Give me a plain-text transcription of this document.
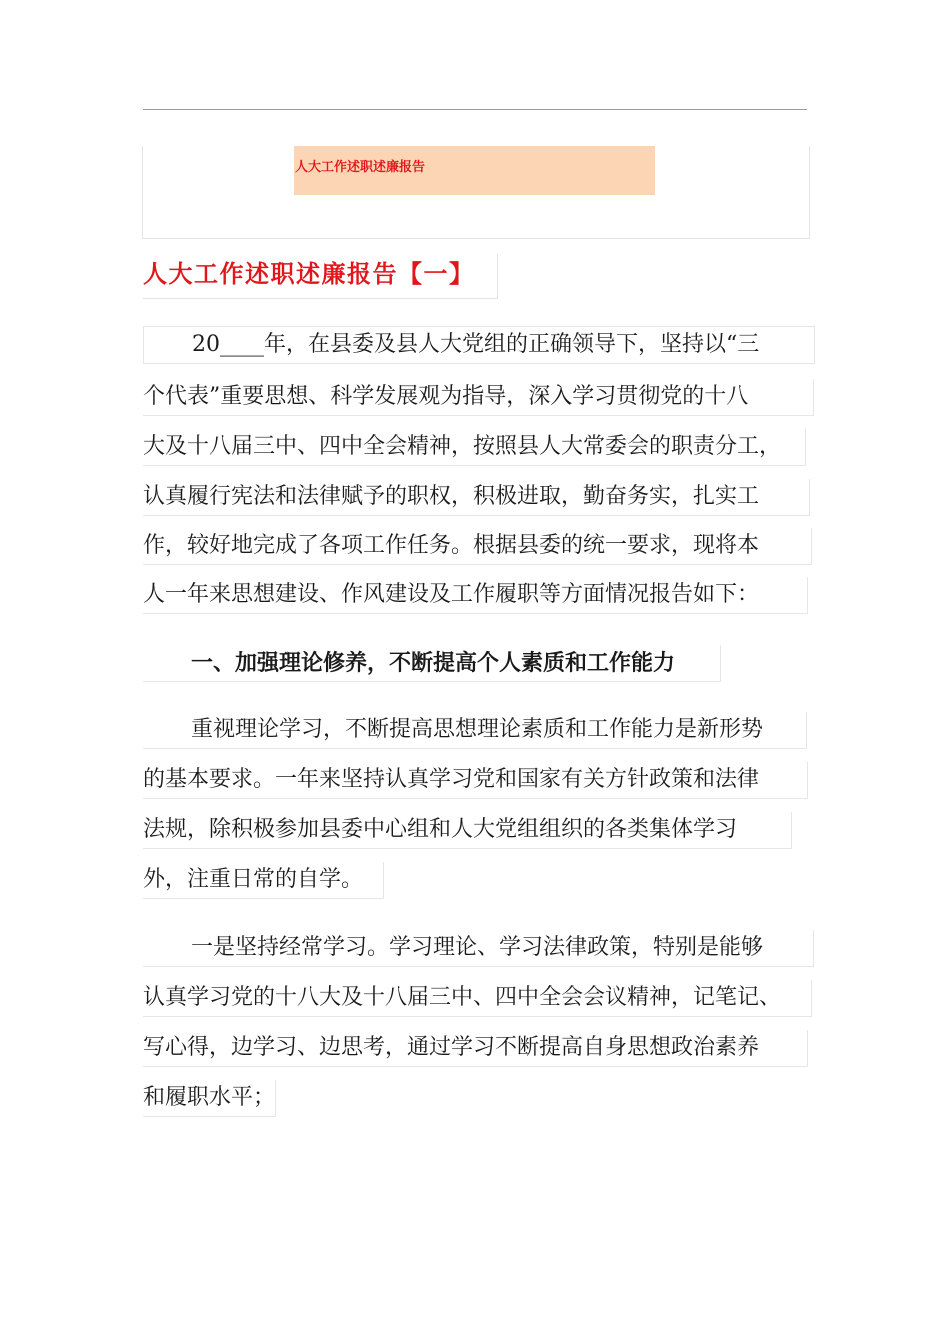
人大工作述职述廉报告
人大工作述职述廉报告【一】
20____年，在县委及县人大党组的正确领导下，坚持以“三
个代表”重要思想、科学发展观为指导，深入学习贯彻党的十八
大及十八届三中、四中全会精神，按照县人大常委会的职责分工，
认真履行宪法和法律赋予的职权，积极进取，勤奋务实，扎实工
作，较好地完成了各项工作任务。根据县委的统一要求，现将本
人一年来思想建设、作风建设及工作履职等方面情况报告如下：
一、加强理论修养，不断提高个人素质和工作能力
重视理论学习，不断提高思想理论素质和工作能力是新形势
的基本要求。一年来坚持认真学习党和国家有关方针政策和法律
法规，除积极参加县委中心组和人大党组组织的各类集体学习
外，注重日常的自学。
一是坚持经常学习。学习理论、学习法律政策，特别是能够
认真学习党的十八大及十八届三中、四中全会会议精神，记笔记、
写心得，边学习、边思考，通过学习不断提高自身思想政治素养
和履职水平；
